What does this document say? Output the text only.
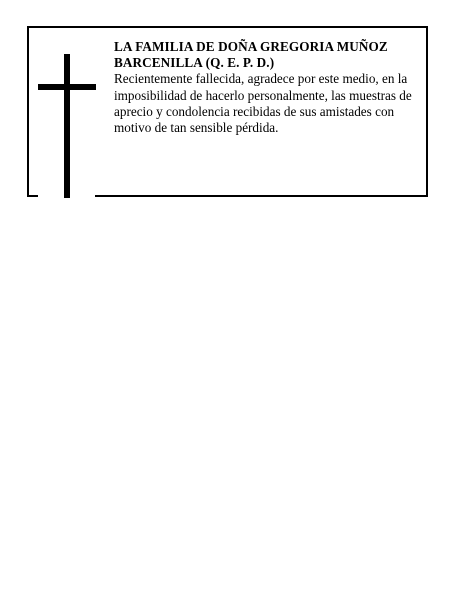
LA FAMILIA DE DOÑA GREGORIA MUÑOZ BARCENILLA (Q. E. P. D.)

Recientemente fallecida, agradece por este medio, en la imposibilidad de hacerlo personalmente, las muestras de aprecio y condolencia recibidas de sus amistades con motivo de tan sensible pérdida.
